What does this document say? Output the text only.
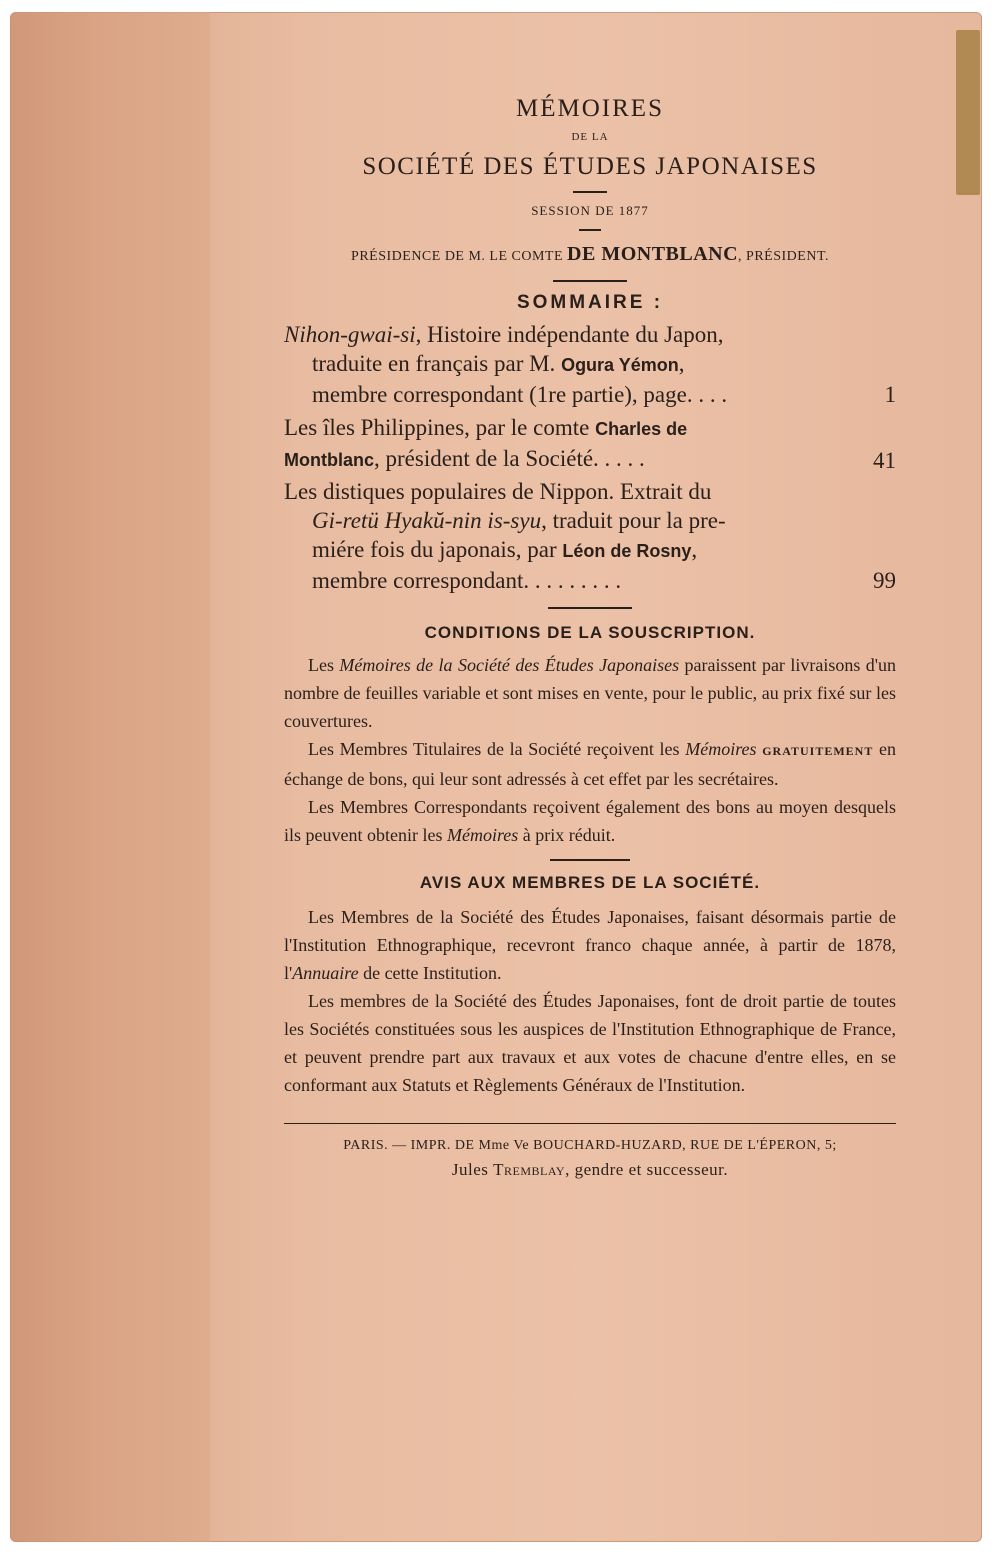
MÉMOIRES
DE LA
SOCIÉTÉ DES ÉTUDES JAPONAISES
SESSION DE 1877
PRÉSIDENCE DE M. LE COMTE DE MONTBLANC, PRÉSIDENT.
SOMMAIRE :
Nihon-gwai-si, Histoire indépendante du Japon,
traduite en français par M. Ogura Yémon,
membre correspondant (1re partie), page. . . .	1
Les îles Philippines, par le comte Charles de
Montblanc, président de la Société. . . . .	41
Les distiques populaires de Nippon. Extrait du
Gi-retü Hyakŭ-nin is-syu, traduit pour la pre-
miére fois du japonais, par Léon de Rosny,
membre correspondant. . . . . . . . .	99
CONDITIONS DE LA SOUSCRIPTION.

Les Mémoires de la Société des Études Japonaises paraissent par livraisons d'un nombre de feuilles variable et sont mises en vente, pour le public, au prix fixé sur les couvertures.

Les Membres Titulaires de la Société reçoivent les Mémoires GRATUITEMENT en échange de bons, qui leur sont adressés à cet effet par les secrétaires.

Les Membres Correspondants reçoivent également des bons au moyen desquels ils peuvent obtenir les Mémoires à prix réduit.

AVIS AUX MEMBRES DE LA SOCIÉTÉ.

Les Membres de la Société des Études Japonaises, faisant désormais partie de l'Institution Ethnographique, recevront franco chaque année, à partir de 1878, l'Annuaire de cette Institution.

Les membres de la Société des Études Japonaises, font de droit partie de toutes les Sociétés constituées sous les auspices de l'Institution Ethnographique de France, et peuvent prendre part aux travaux et aux votes de chacune d'entre elles, en se conformant aux Statuts et Règlements Généraux de l'Institution.

PARIS. — IMPR. DE Mme Ve BOUCHARD-HUZARD, RUE DE L'ÉPERON, 5;
Jules Tremblay, gendre et successeur.
